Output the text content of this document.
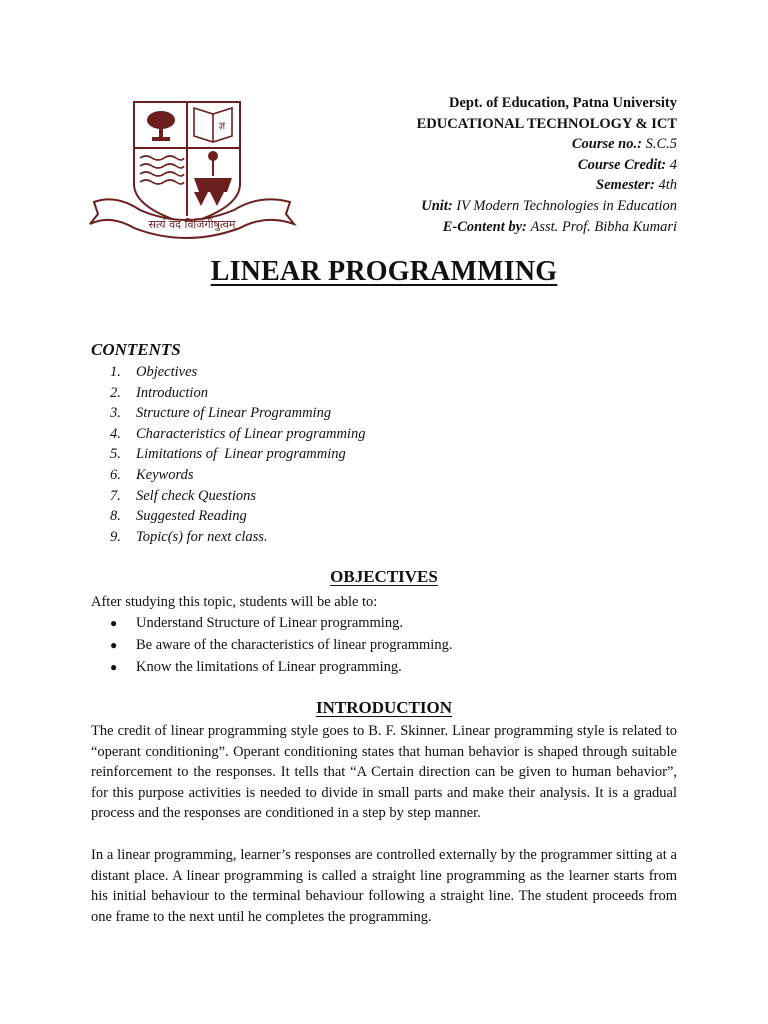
ज्ञ
सत्यं वद विजिगीषुत्वम्
Dept. of Education, Patna University
EDUCATIONAL TECHNOLOGY & ICT
Course no.: S.C.5
Course Credit: 4
Semester: 4th
Unit: IV Modern Technologies in Education
E-Content by: Asst. Prof. Bibha Kumari
LINEAR PROGRAMMING
CONTENTS
1.	Objectives
2.	Introduction
3.	Structure of Linear Programming
4.	Characteristics of Linear programming
5.	Limitations of  Linear programming
6.	Keywords
7.	Self check Questions
8.	Suggested Reading
9.	Topic(s) for next class.
OBJECTIVES

After studying this topic, students will be able to:

●	Understand Structure of Linear programming.
●	Be aware of the characteristics of linear programming.
●	Know the limitations of Linear programming.
INTRODUCTION

The credit of linear programming style goes to B. F. Skinner. Linear programming style is related to “operant conditioning”. Operant conditioning states that human behavior is shaped through suitable reinforcement to the responses. It tells that “A Certain direction can be given to human behavior”, for this purpose activities is needed to divide in small parts and make their analysis. It is a gradual process and the responses are conditioned in a step by step manner.

In a linear programming, learner’s responses are controlled externally by the programmer sitting at a distant place. A linear programming is called a straight line programming as the learner starts from his initial behaviour to the terminal behaviour following a straight line. The student proceeds from one frame to the next until he completes the programming.
